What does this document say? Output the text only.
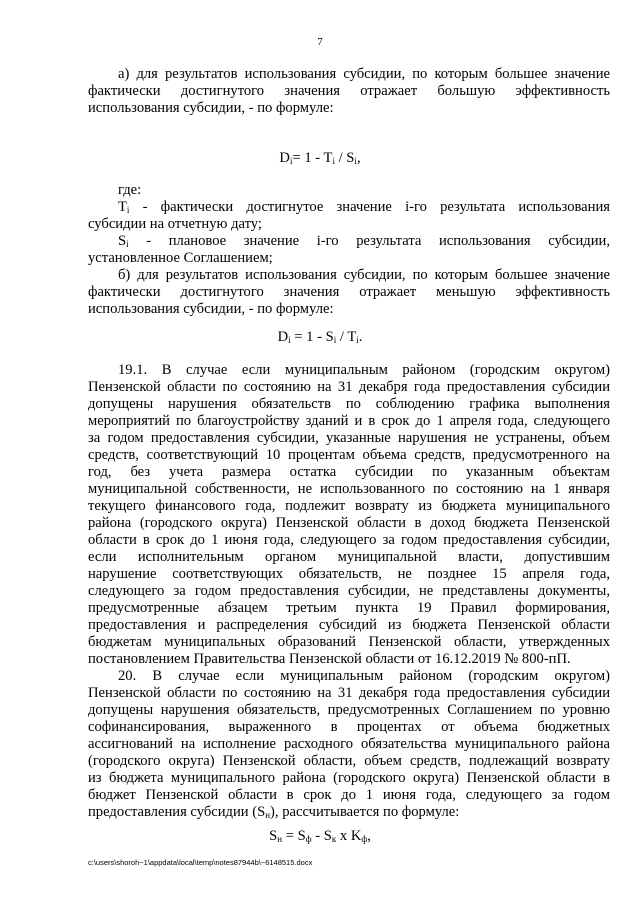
7
а) для результатов использования субсидии, по которым большее значение
фактически достигнутого значения отражает большую эффективность
использования субсидии, - по формуле:
$D_i= 1 - T_i / S_i$,
где:
$T_i$ - фактически достигнутое значение i-го результата использования
субсидии на отчетную дату;
$S_i$ - плановое значение i-го результата использования субсидии,
установленное Соглашением;
б) для результатов использования субсидии, по которым большее значение
фактически достигнутого значения отражает меньшую эффективность
использования субсидии, - по формуле:
$D_i = 1 - S_i / T_i$.
19.1. В случае если муниципальным районом (городским округом)
Пензенской области по состоянию на 31 декабря года предоставления субсидии
допущены нарушения обязательств по соблюдению графика выполнения
мероприятий по благоустройству зданий и в срок до 1 апреля года, следующего
за годом предоставления субсидии, указанные нарушения не устранены, объем
средств, соответствующий 10 процентам объема средств, предусмотренного на
год, без учета размера остатка субсидии по указанным объектам
муниципальной собственности, не использованного по состоянию на 1 января
текущего финансового года, подлежит возврату из бюджета муниципального
района (городского округа) Пензенской области в доход бюджета Пензенской
области в срок до 1 июня года, следующего за годом предоставления субсидии,
если исполнительным органом муниципальной власти, допустившим
нарушение соответствующих обязательств, не позднее 15 апреля года,
следующего за годом предоставления субсидии, не представлены документы,
предусмотренные абзацем третьим пункта 19 Правил формирования,
предоставления и распределения субсидий из бюджета Пензенской области
бюджетам муниципальных образований Пензенской области, утвержденных
постановлением Правительства Пензенской области от 16.12.2019 № 800-пП.
20. В случае если муниципальным районом (городским округом)
Пензенской области по состоянию на 31 декабря года предоставления субсидии
допущены нарушения обязательств, предусмотренных Соглашением по уровню
софинансирования, выраженного в процентах от объема бюджетных
ассигнований на исполнение расходного обязательства муниципального района
(городского округа) Пензенской области, объем средств, подлежащий возврату
из бюджета муниципального района (городского округа) Пензенской области в
бюджет Пензенской области в срок до 1 июня года, следующего за годом
предоставления субсидии $(S_н)$, рассчитывается по формуле:
$S_н = S_ф - S_к$ x $K_ф$,
c:\users\shoroh~1\appdata\local\temp\notes87944b\~6148515.docx
